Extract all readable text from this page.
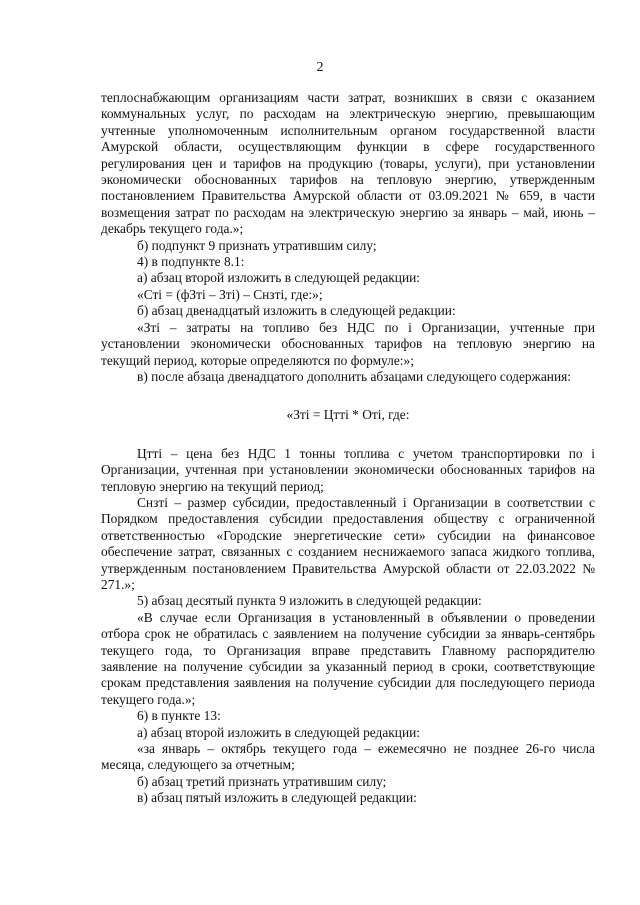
2

теплоснабжающим организациям части затрат, возникших в связи с оказанием коммунальных услуг, по расходам на электрическую энергию, превышающим учтенные уполномоченным исполнительным органом государственной власти Амурской области, осуществляющим функции в сфере государственного регулирования цен и тарифов на продукцию (товары, услуги), при установлении экономически обоснованных тарифов на тепловую энергию, утвержденным постановлением Правительства Амурской области от 03.09.2021 № 659, в части возмещения затрат по расходам на электрическую энергию за январь – май, июнь – декабрь текущего года.»;

б) подпункт 9 признать утратившим силу;

4) в подпункте 8.1:

а) абзац второй изложить в следующей редакции:

«Сті = (фЗті – Зті) – Снзті, где:»;

б) абзац двенадцатый изложить в следующей редакции:

«Зті – затраты на топливо без НДС по і Организации, учтенные при установлении экономически обоснованных тарифов на тепловую энергию на текущий период, которые определяются по формуле:»;

в) после абзаца двенадцатого дополнить абзацами следующего содержания:

«Зті = Цтті * Оті, где:

Цтті – цена без НДС 1 тонны топлива с учетом транспортировки по і Организации, учтенная при установлении экономически обоснованных тарифов на тепловую энергию на текущий период;

Снзті – размер субсидии, предоставленный і Организации в соответствии с Порядком предоставления субсидии предоставления обществу с ограниченной ответственностью «Городские энергетические сети» субсидии на финансовое обеспечение затрат, связанных с созданием неснижаемого запаса жидкого топлива, утвержденным постановлением Правительства Амурской области от 22.03.2022 № 271.»;

5) абзац десятый пункта 9 изложить в следующей редакции:

«В случае если Организация в установленный в объявлении о проведении отбора срок не обратилась с заявлением на получение субсидии за январь-сентябрь текущего года, то Организация вправе представить Главному распорядителю заявление на получение субсидии за указанный период в сроки, соответствующие срокам представления заявления на получение субсидии для последующего периода текущего года.»;

6) в пункте 13:

а) абзац второй изложить в следующей редакции:

«за январь – октябрь текущего года – ежемесячно не позднее 26-го числа месяца, следующего за отчетным;

б) абзац третий признать утратившим силу;

в) абзац пятый изложить в следующей редакции:
